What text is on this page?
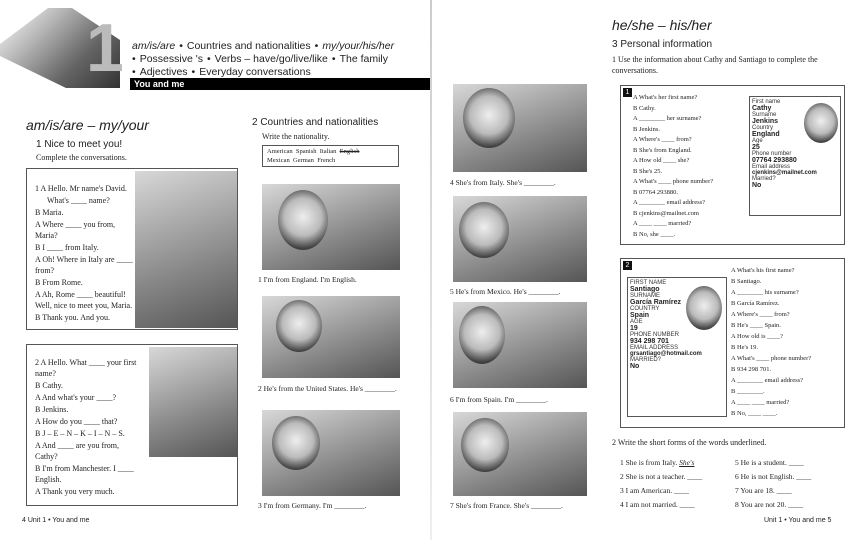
1 am/is/are • Countries and nationalities • my/your/his/her
• Possessive 's • Verbs – have/go/live/like • The family
• Adjectives • Everyday conversations
You and me
am/is/are – my/your
1 Nice to meet you!
Complete the conversations.
1 A Hello. Mr name's David.
What's ____ name?
B Maria.
A Where ____ you from, Maria?
B I ____ from Italy.
A Oh! Where in Italy are ____ from?
B From Rome.
A Ah, Rome ____ beautiful! Well, nice to meet you, Maria.
B Thank you. And you.
2 A Hello. What ____ your first name?
B Cathy.
A And what's your ____?
B Jenkins.
A How do you ____ that?
B J – E – N – K – I – N – S.
A And ____ are you from, Cathy?
B I'm from Manchester. I ____ English.
A Thank you very much.
2 Countries and nationalities
Write the nationality.
American Spanish Italian English
Mexican German French
1 I'm from England. I'm English.
2 He's from the United States. He's ________.
3 I'm from Germany. I'm ________.
4 Unit 1 • You and me
4 She's from Italy. She's ________.
5 He's from Mexico. He's ________.
6 I'm from Spain. I'm ________.
7 She's from France. She's ________.
he/she – his/her
3 Personal information
1 Use the information about Cathy and Santiago to complete the conversations.
1
A What's her first name?
B Cathy.
A ________ her surname?
B Jenkins.
A Where's ____ from?
B She's from England.
A How old ____ she?
B She's 25.
A What's ____ phone number?
B 07764 293880.
A ________ email address?
B cjenkins@mailnet.com
A ____ ____ married?
B No, she ____.
First name
Cathy
Surname
Jenkins
Country
England
Age
25
Phone number
07764 293880
Email address
cjenkins@mailnet.com
Married?
No
2
FIRST NAME
Santiago
SURNAME
García Ramírez
COUNTRY
Spain
AGE
19
PHONE NUMBER
934 298 701
EMAIL ADDRESS
grsantiago@hotmail.com
MARRIED?
No
A What's his first name?
B Santiago.
A ________ his surname?
B García Ramírez.
A Where's ____ from?
B He's ____ Spain.
A How old is ____?
B He's 19.
A What's ____ phone number?
B 934 298 701.
A ________ email address?
B ________.
A ____ ____ married?
B No, ____ ____.
2 Write the short forms of the words underlined.
1 She is from Italy. She's
2 She is not a teacher. ____
3 I am American. ____
4 I am not married. ____
5 He is a student. ____
6 He is not English. ____
7 You are 18. ____
8 You are not 20. ____
Unit 1 • You and me 5
